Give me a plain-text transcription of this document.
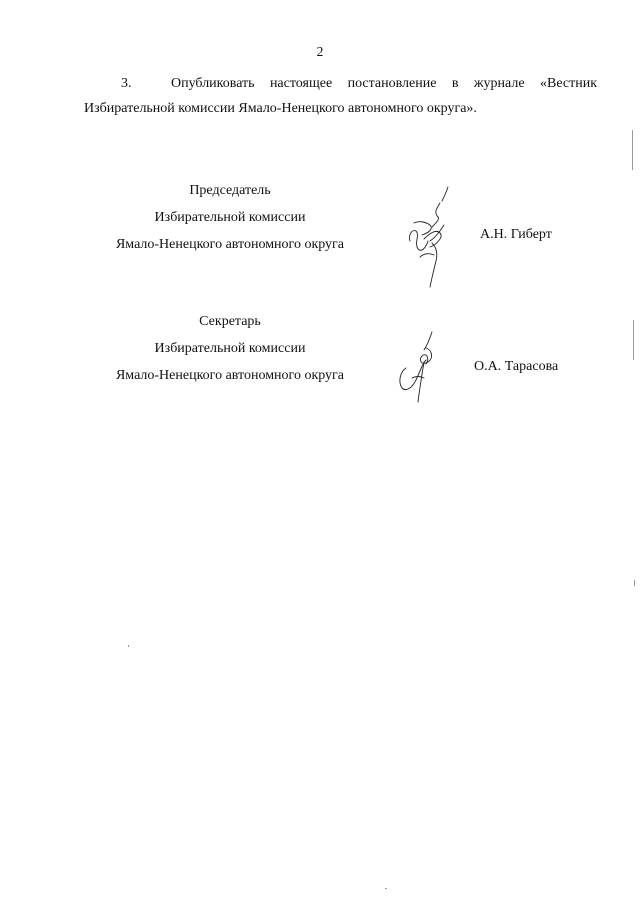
2
3.	Опубликовать настоящее постановление в журнале «Вестник
Избирательной комиссии Ямало-Ненецкого автономного округа».
Председатель
Избирательной комиссии
Ямало-Ненецкого автономного округа
А.Н. Гиберт
Секретарь
Избирательной комиссии
Ямало-Ненецкого автономного округа
О.А. Тарасова
